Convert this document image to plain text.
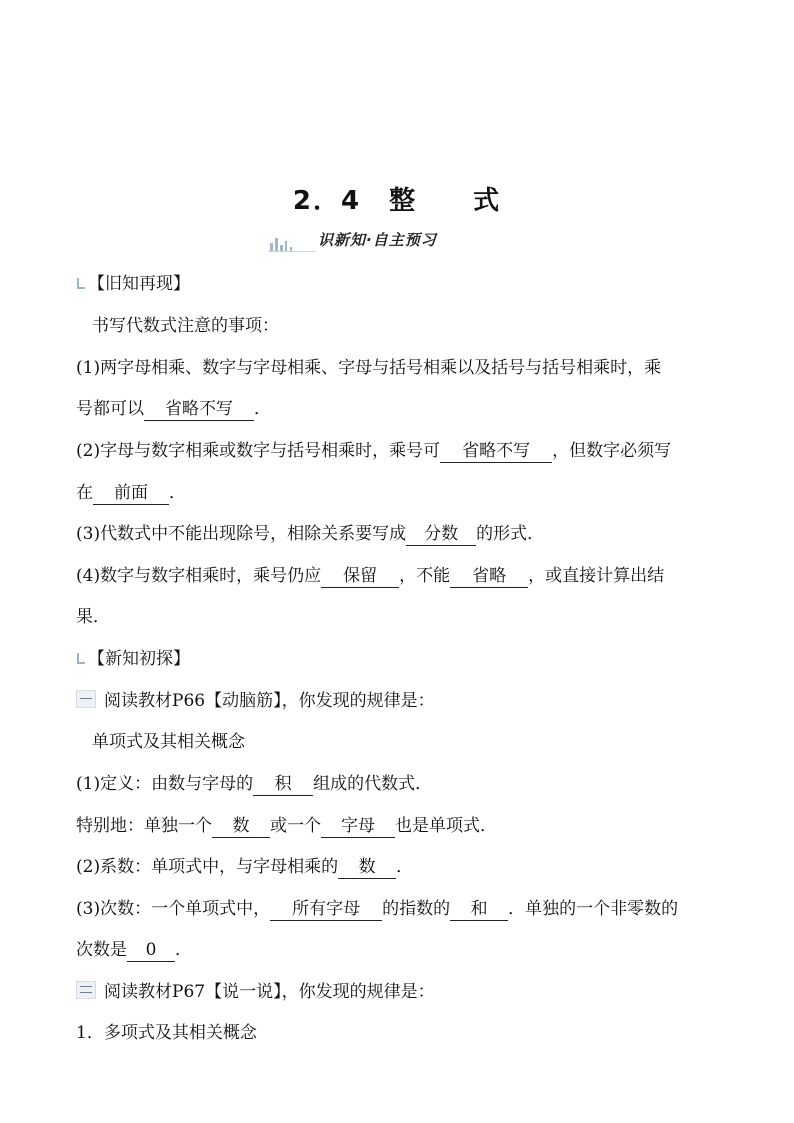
2．4　整　　式
识新知·自主预习
【旧知再现】
书写代数式注意的事项：
(1)两字母相乘、数字与字母相乘、字母与括号相乘以及括号与括号相乘时，乘
号都可以 省略不写 ．
(2)字母与数字相乘或数字与括号相乘时，乘号可 省略不写 ，但数字必须写
在 前面 ．
(3)代数式中不能出现除号，相除关系要写成 分数 的形式．
(4)数字与数字相乘时，乘号仍应 保留 ，不能 省略 ，或直接计算出结
果．
【新知初探】
阅读教材P66【动脑筋】，你发现的规律是：
单项式及其相关概念
(1)定义：由数与字母的 积 组成的代数式．
特别地：单独一个 数 或一个 字母 也是单项式．
(2)系数：单项式中，与字母相乘的 数 ．
(3)次数：一个单项式中， 所有字母 的指数的 和 ．单独的一个非零数的
次数是 0 ．
阅读教材P67【说一说】，你发现的规律是：
1．多项式及其相关概念
